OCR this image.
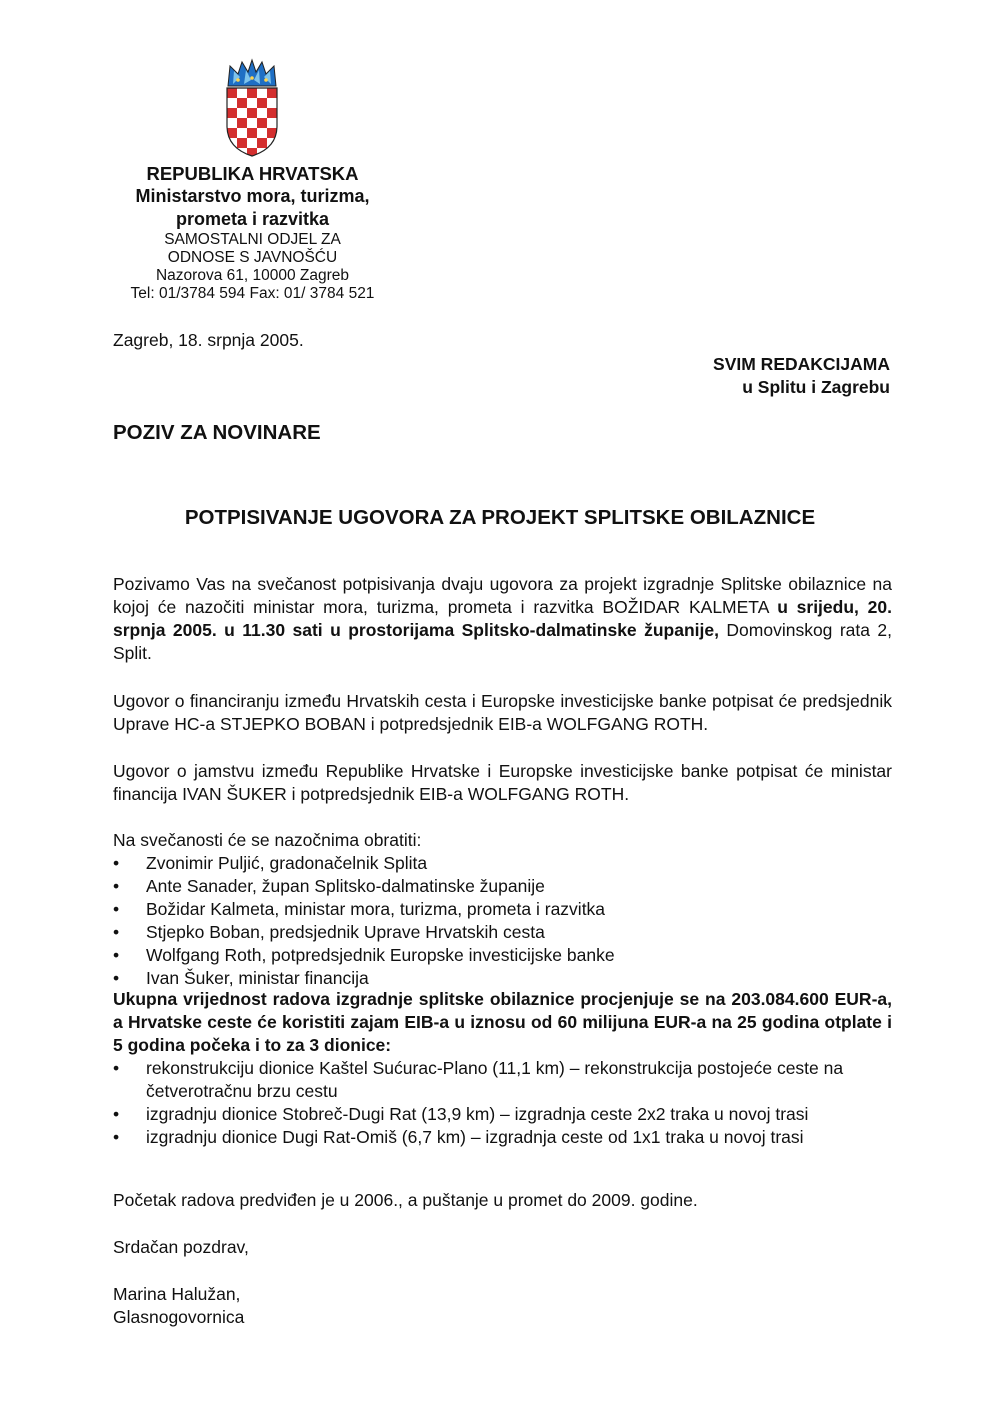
REPUBLIKA HRVATSKA
Ministarstvo mora, turizma,
prometa i razvitka
SAMOSTALNI ODJEL ZA
ODNOSE S JAVNOŠĆU
Nazorova 61, 10000 Zagreb
Tel: 01/3784 594 Fax: 01/ 3784 521
Zagreb, 18. srpnja 2005.
SVIM REDAKCIJAMA
u Splitu i Zagrebu
POZIV ZA NOVINARE
POTPISIVANJE UGOVORA ZA PROJEKT SPLITSKE OBILAZNICE
Pozivamo Vas na svečanost potpisivanja dvaju ugovora za projekt izgradnje Splitske obilaznice na kojoj će nazočiti ministar mora, turizma, prometa i razvitka BOŽIDAR KALMETA u srijedu, 20. srpnja 2005. u 11.30 sati u prostorijama Splitsko-dalmatinske županije, Domovinskog rata 2, Split.
Ugovor o financiranju između Hrvatskih cesta i Europske investicijske banke potpisat će predsjednik Uprave HC-a STJEPKO BOBAN i potpredsjednik EIB-a WOLFGANG ROTH.
Ugovor o jamstvu između Republike Hrvatske i Europske investicijske banke potpisat će ministar financija IVAN ŠUKER i potpredsjednik EIB-a WOLFGANG ROTH.
Na svečanosti će se nazočnima obratiti:
• Zvonimir Puljić, gradonačelnik Splita
• Ante Sanader, župan Splitsko-dalmatinske županije
• Božidar Kalmeta, ministar mora, turizma, prometa i razvitka
• Stjepko Boban, predsjednik Uprave Hrvatskih cesta
• Wolfgang Roth, potpredsjednik Europske investicijske banke
• Ivan Šuker, ministar financija
Ukupna vrijednost radova izgradnje splitske obilaznice procjenjuje se na 203.084.600 EUR-a, a Hrvatske ceste će koristiti zajam EIB-a u iznosu od 60 milijuna EUR-a na 25 godina otplate i 5 godina počeka i to za 3 dionice:
• rekonstrukciju dionice Kaštel Sućurac-Plano (11,1 km) – rekonstrukcija postojeće ceste na četverotračnu brzu cestu
• izgradnju dionice Stobreč-Dugi Rat (13,9 km) – izgradnja ceste 2x2 traka u novoj trasi
• izgradnju dionice Dugi Rat-Omiš (6,7 km) – izgradnja ceste od 1x1 traka u novoj trasi
Početak radova predviđen je u 2006., a puštanje u promet do 2009. godine.
Srdačan pozdrav,
Marina Halužan,
Glasnogovornica
